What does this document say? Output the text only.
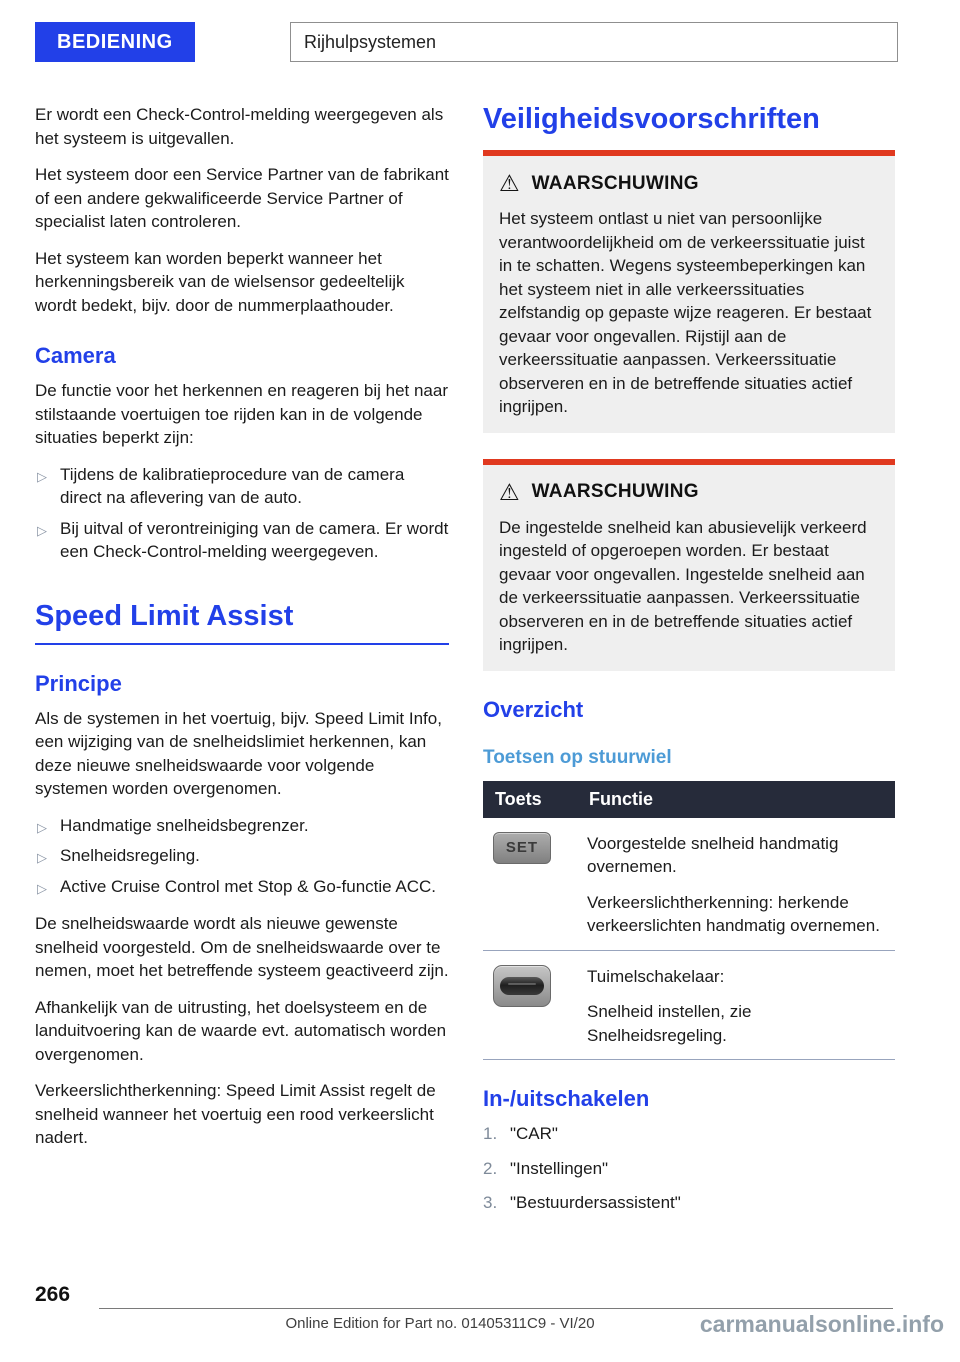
BEDIENING	Rijhulpsystemen

Er wordt een Check-Control-melding weergegeven als het systeem is uitgevallen.

Het systeem door een Service Partner van de fabrikant of een andere gekwalificeerde Service Partner of specialist laten controleren.

Het systeem kan worden beperkt wanneer het herkenningsbereik van de wielsensor gedeeltelijk wordt bedekt, bijv. door de nummerplaathouder.

Camera

De functie voor het herkennen en reageren bij het naar stilstaande voertuigen toe rijden kan in de volgende situaties beperkt zijn:

▷ Tijdens de kalibratieprocedure van de camera direct na aflevering van de auto.
▷ Bij uitval of verontreiniging van de camera. Er wordt een Check-Control-melding weergegeven.
Speed Limit Assist
Principe

Als de systemen in het voertuig, bijv. Speed Limit Info, een wijziging van de snelheidslimiet herkennen, kan deze nieuwe snelheidswaarde voor volgende systemen worden overgenomen.

▷ Handmatige snelheidsbegrenzer.
▷ Snelheidsregeling.
▷ Active Cruise Control met Stop & Go-functie ACC.

De snelheidswaarde wordt als nieuwe gewenste snelheid voorgesteld. Om de snelheidswaarde over te nemen, moet het betreffende systeem geactiveerd zijn.

Afhankelijk van de uitrusting, het doelsysteem en de landuitvoering kan de waarde evt. automatisch worden overgenomen.

Verkeerslichtherkenning: Speed Limit Assist regelt de snelheid wanneer het voertuig een rood verkeerslicht nadert.

Veiligheidsvoorschriften
⚠ WAARSCHUWING

Het systeem ontlast u niet van persoonlijke verantwoordelijkheid om de verkeerssituatie juist in te schatten. Wegens systeembeperkingen kan het systeem niet in alle verkeerssituaties zelfstandig op gepaste wijze reageren. Er bestaat gevaar voor ongevallen. Rijstijl aan de verkeerssituatie aanpassen. Verkeerssituatie observeren en in de betreffende situaties actief ingrijpen.

⚠ WAARSCHUWING

De ingestelde snelheid kan abusievelijk verkeerd ingesteld of opgeroepen worden. Er bestaat gevaar voor ongevallen. Ingestelde snelheid aan de verkeerssituatie aanpassen. Verkeerssituatie observeren en in de betreffende situaties actief ingrijpen.

Overzicht
Toetsen op stuurwiel
Toets	Functie

SET	Voorgestelde snelheid handmatig overnemen.

Verkeerslichtherkenning: herkende verkeerslichten handmatig overnemen.

	Tuimelschakelaar:

Snelheid instellen, zie Snelheidsregeling.

In-/uitschakelen
1. "CAR"
2. "Instellingen"
3. "Bestuurdersassistent"
266
Online Edition for Part no. 01405311C9 - VI/20	carmanualsonline.info
